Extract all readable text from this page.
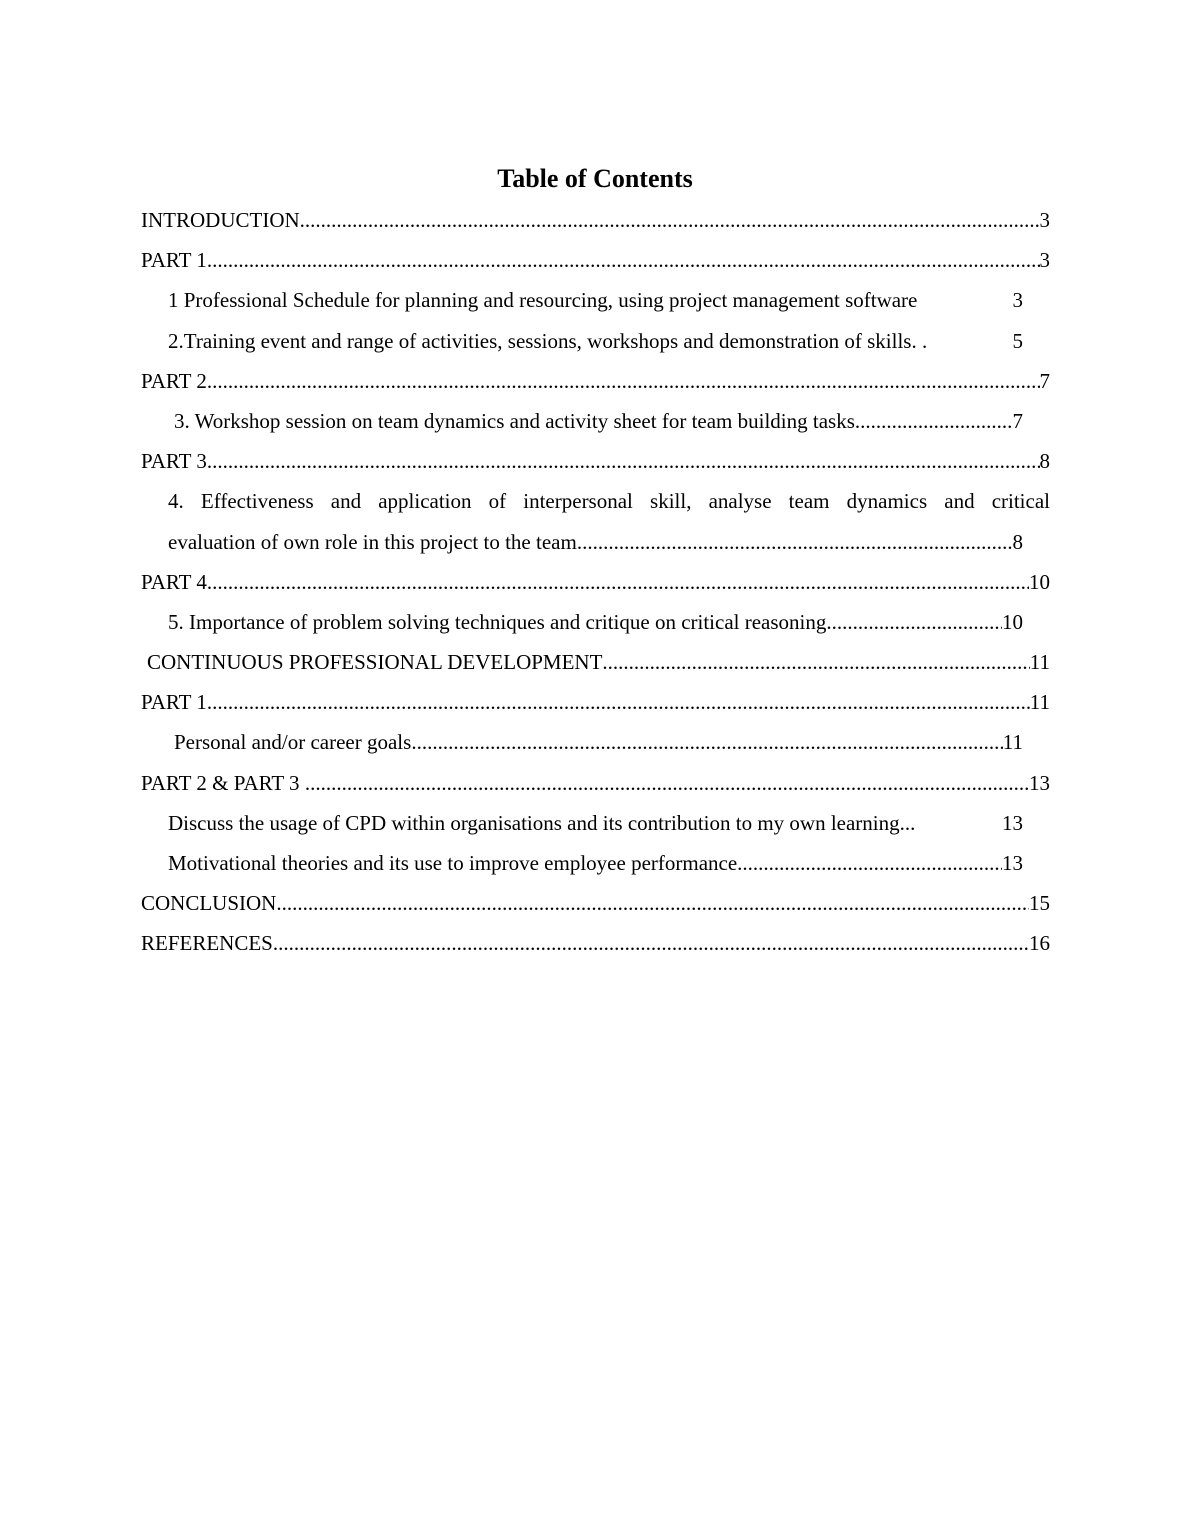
Table of Contents
INTRODUCTION .....	3
PART 1 .....	3
1 Professional Schedule for planning and resourcing, using project management software	3
2.Training event and range of activities, sessions, workshops and demonstration of skills. .	5
PART 2 .....	7
3. Workshop session on team dynamics and activity sheet for team building tasks .....	7
PART 3 .....	8
4. Effectiveness and application of interpersonal skill, analyse team dynamics and critical
evaluation of own role in this project to the team .....	8
PART 4 .....	10
5. Importance of problem solving techniques and critique on critical reasoning .....	10
CONTINUOUS PROFESSIONAL DEVELOPMENT .....	11
PART 1 .....	11
Personal and/or career goals .....	11
PART 2 & PART 3 .....	13
Discuss the usage of CPD within organisations and its contribution to my own learning...	13
Motivational theories and its use to improve employee performance .....	13
CONCLUSION .....	15
REFERENCES .....	16
